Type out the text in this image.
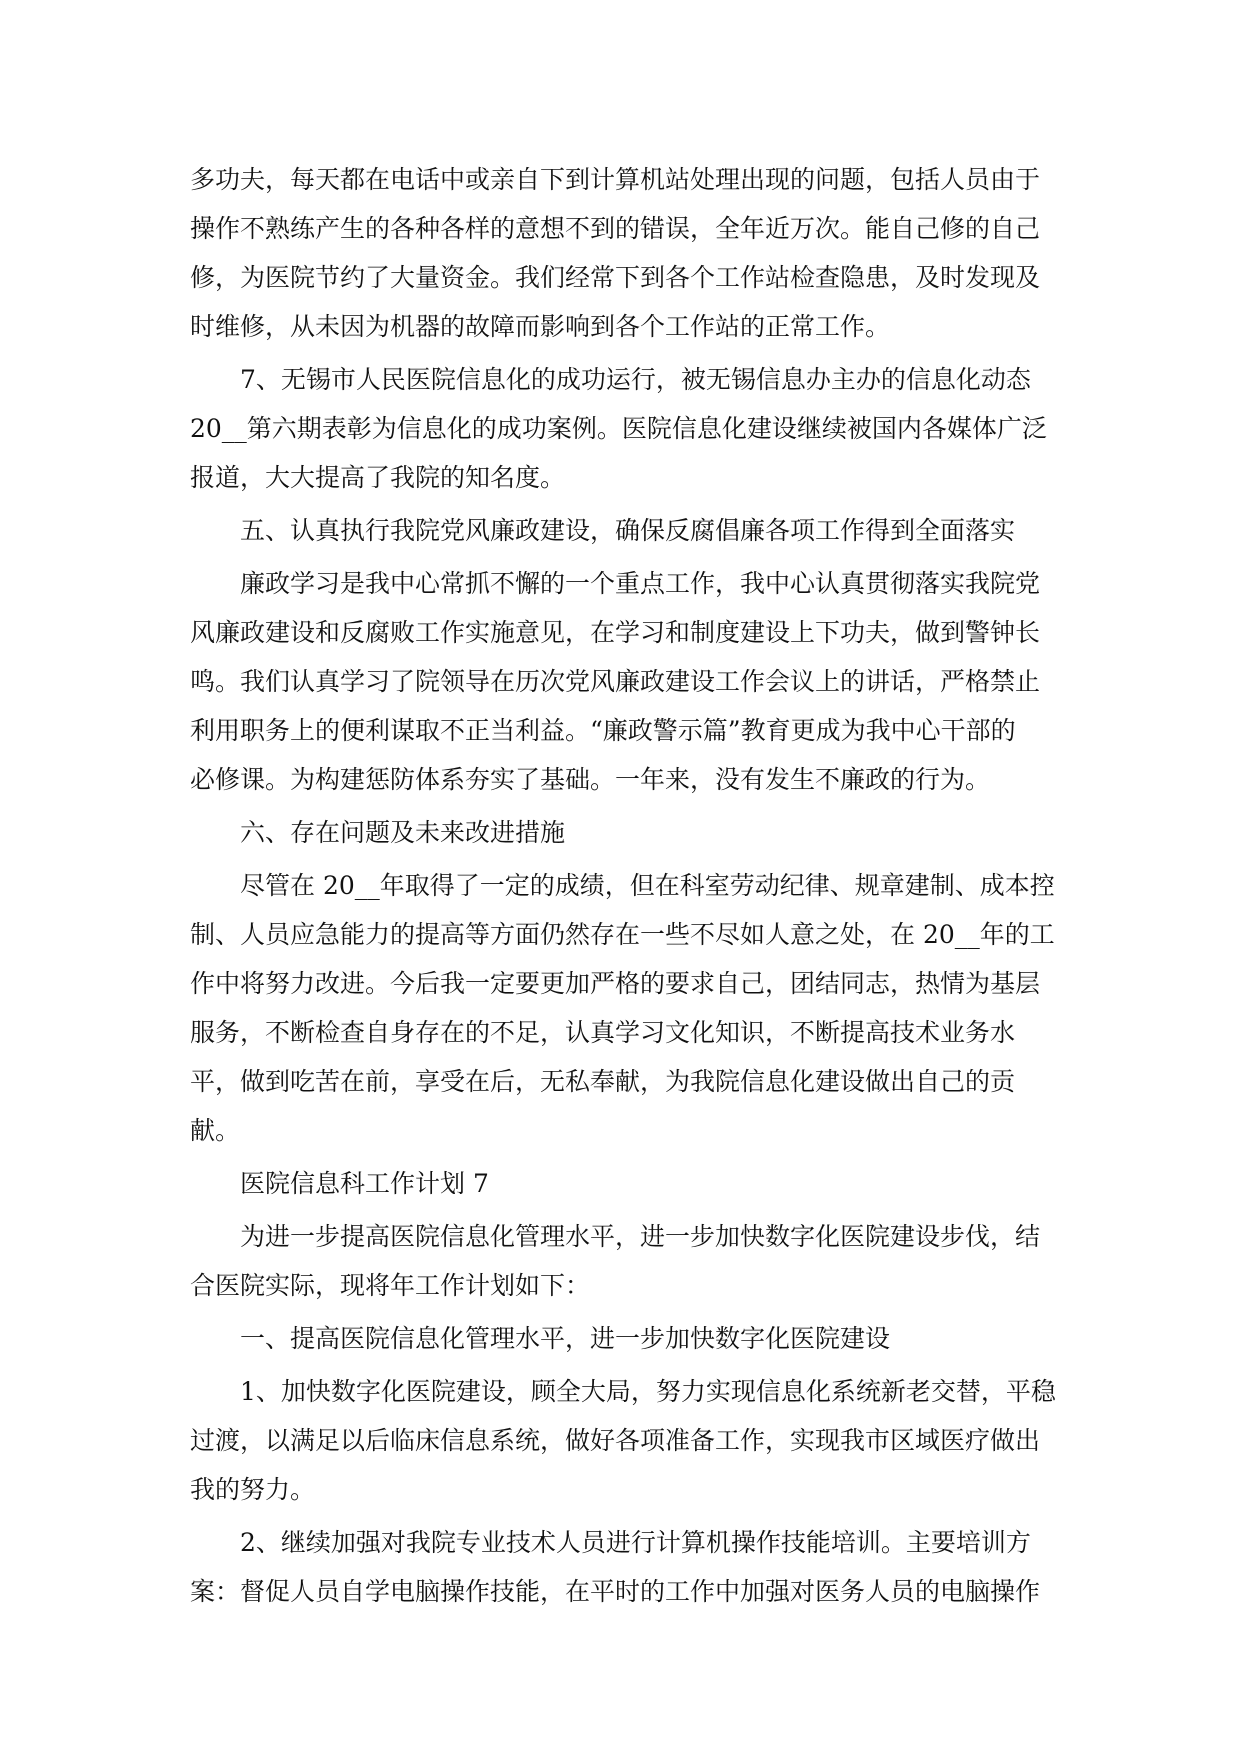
多功夫，每天都在电话中或亲自下到计算机站处理出现的问题，包括人员由于
操作不熟练产生的各种各样的意想不到的错误，全年近万次。能自己修的自己
修，为医院节约了大量资金。我们经常下到各个工作站检查隐患，及时发现及
时维修，从未因为机器的故障而影响到各个工作站的正常工作。
　　7、无锡市人民医院信息化的成功运行，被无锡信息办主办的信息化动态
20__第六期表彰为信息化的成功案例。医院信息化建设继续被国内各媒体广泛
报道，大大提高了我院的知名度。
　　五、认真执行我院党风廉政建设，确保反腐倡廉各项工作得到全面落实
　　廉政学习是我中心常抓不懈的一个重点工作，我中心认真贯彻落实我院党
风廉政建设和反腐败工作实施意见，在学习和制度建设上下功夫，做到警钟长
鸣。我们认真学习了院领导在历次党风廉政建设工作会议上的讲话，严格禁止
利用职务上的便利谋取不正当利益。“廉政警示篇”教育更成为我中心干部的
必修课。为构建惩防体系夯实了基础。一年来，没有发生不廉政的行为。
　　六、存在问题及未来改进措施
　　尽管在 20__年取得了一定的成绩，但在科室劳动纪律、规章建制、成本控
制、人员应急能力的提高等方面仍然存在一些不尽如人意之处，在 20__年的工
作中将努力改进。今后我一定要更加严格的要求自己，团结同志，热情为基层
服务，不断检查自身存在的不足，认真学习文化知识，不断提高技术业务水
平，做到吃苦在前，享受在后，无私奉献，为我院信息化建设做出自己的贡
献。
　　医院信息科工作计划 7
　　为进一步提高医院信息化管理水平，进一步加快数字化医院建设步伐，结
合医院实际，现将年工作计划如下：
　　一、提高医院信息化管理水平，进一步加快数字化医院建设
　　1、加快数字化医院建设，顾全大局，努力实现信息化系统新老交替，平稳
过渡，以满足以后临床信息系统，做好各项准备工作，实现我市区域医疗做出
我的努力。
　　2、继续加强对我院专业技术人员进行计算机操作技能培训。主要培训方
案：督促人员自学电脑操作技能，在平时的工作中加强对医务人员的电脑操作
